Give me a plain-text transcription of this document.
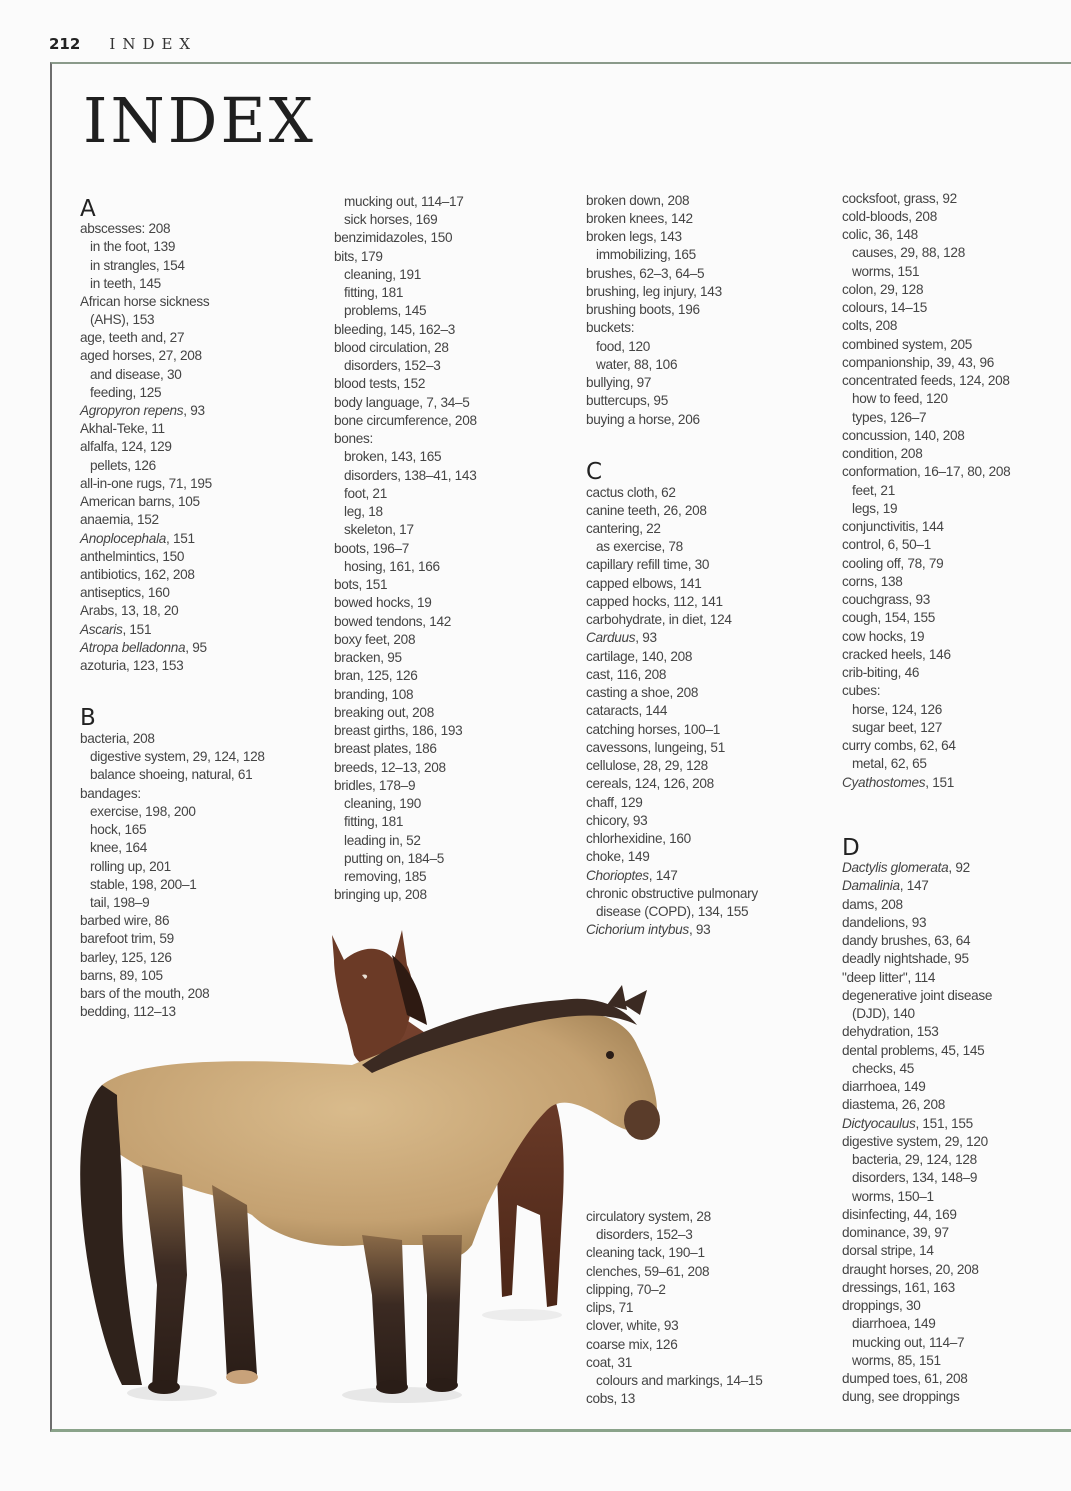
212 INDEX
INDEX
A
abscesses: 208
in the foot, 139
in strangles, 154
in teeth, 145
African horse sickness
(AHS), 153
age, teeth and, 27
aged horses, 27, 208
and disease, 30
feeding, 125
Agropyron repens, 93
Akhal-Teke, 11
alfalfa, 124, 129
pellets, 126
all-in-one rugs, 71, 195
American barns, 105
anaemia, 152
Anoplocephala, 151
anthelmintics, 150
antibiotics, 162, 208
antiseptics, 160
Arabs, 13, 18, 20
Ascaris, 151
Atropa belladonna, 95
azoturia, 123, 153
B
bacteria, 208
digestive system, 29, 124, 128
balance shoeing, natural, 61
bandages:
exercise, 198, 200
hock, 165
knee, 164
rolling up, 201
stable, 198, 200–1
tail, 198–9
barbed wire, 86
barefoot trim, 59
barley, 125, 126
barns, 89, 105
bars of the mouth, 208
bedding, 112–13
mucking out, 114–17
sick horses, 169
benzimidazoles, 150
bits, 179
cleaning, 191
fitting, 181
problems, 145
bleeding, 145, 162–3
blood circulation, 28
disorders, 152–3
blood tests, 152
body language, 7, 34–5
bone circumference, 208
bones:
broken, 143, 165
disorders, 138–41, 143
foot, 21
leg, 18
skeleton, 17
boots, 196–7
hosing, 161, 166
bots, 151
bowed hocks, 19
bowed tendons, 142
boxy feet, 208
bracken, 95
bran, 125, 126
branding, 108
breaking out, 208
breast girths, 186, 193
breast plates, 186
breeds, 12–13, 208
bridles, 178–9
cleaning, 190
fitting, 181
leading in, 52
putting on, 184–5
removing, 185
bringing up, 208
broken down, 208
broken knees, 142
broken legs, 143
immobilizing, 165
brushes, 62–3, 64–5
brushing, leg injury, 143
brushing boots, 196
buckets:
food, 120
water, 88, 106
bullying, 97
buttercups, 95
buying a horse, 206
C
cactus cloth, 62
canine teeth, 26, 208
cantering, 22
as exercise, 78
capillary refill time, 30
capped elbows, 141
capped hocks, 112, 141
carbohydrate, in diet, 124
Carduus, 93
cartilage, 140, 208
cast, 116, 208
casting a shoe, 208
cataracts, 144
catching horses, 100–1
cavessons, lungeing, 51
cellulose, 28, 29, 128
cereals, 124, 126, 208
chaff, 129
chicory, 93
chlorhexidine, 160
choke, 149
Chorioptes, 147
chronic obstructive pulmonary
disease (COPD), 134, 155
Cichorium intybus, 93
circulatory system, 28
disorders, 152–3
cleaning tack, 190–1
clenches, 59–61, 208
clipping, 70–2
clips, 71
clover, white, 93
coarse mix, 126
coat, 31
colours and markings, 14–15
cobs, 13
cocksfoot, grass, 92
cold-bloods, 208
colic, 36, 148
causes, 29, 88, 128
worms, 151
colon, 29, 128
colours, 14–15
colts, 208
combined system, 205
companionship, 39, 43, 96
concentrated feeds, 124, 208
how to feed, 120
types, 126–7
concussion, 140, 208
condition, 208
conformation, 16–17, 80, 208
feet, 21
legs, 19
conjunctivitis, 144
control, 6, 50–1
cooling off, 78, 79
corns, 138
couchgrass, 93
cough, 154, 155
cow hocks, 19
cracked heels, 146
crib-biting, 46
cubes:
horse, 124, 126
sugar beet, 127
curry combs, 62, 64
metal, 62, 65
Cyathostomes, 151
D
Dactylis glomerata, 92
Damalinia, 147
dams, 208
dandelions, 93
dandy brushes, 63, 64
deadly nightshade, 95
"deep litter", 114
degenerative joint disease
(DJD), 140
dehydration, 153
dental problems, 45, 145
checks, 45
diarrhoea, 149
diastema, 26, 208
Dictyocaulus, 151, 155
digestive system, 29, 120
bacteria, 29, 124, 128
disorders, 134, 148–9
worms, 150–1
disinfecting, 44, 169
dominance, 39, 97
dorsal stripe, 14
draught horses, 20, 208
dressings, 161, 163
droppings, 30
diarrhoea, 149
mucking out, 114–7
worms, 85, 151
dumped toes, 61, 208
dung, see droppings
